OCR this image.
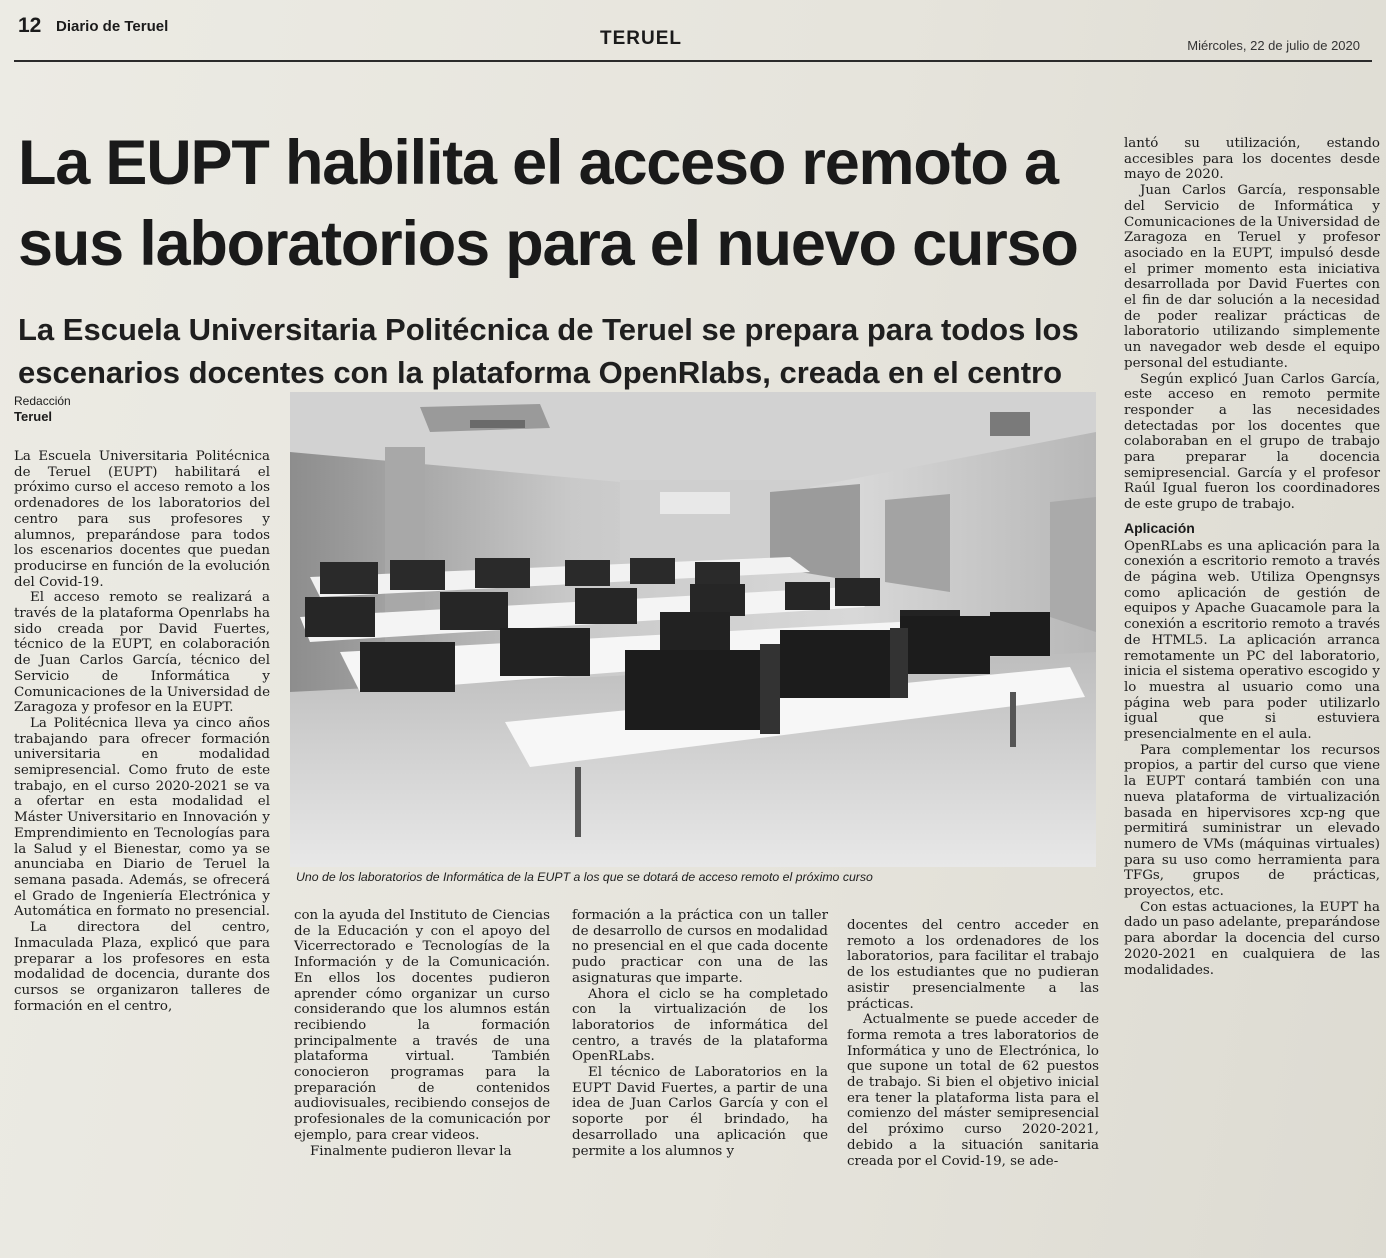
12 Diario de Teruel
TERUEL	Miércoles, 22 de julio de 2020
La EUPT habilita el acceso remoto a sus laboratorios para el nuevo curso
La Escuela Universitaria Politécnica de Teruel se prepara para todos los escenarios docentes con la plataforma OpenRlabs, creada en el centro
Redacción
Teruel

La Escuela Universitaria Politécnica de Teruel (EUPT) habilitará el próximo curso el acceso remoto a los ordenadores de los laboratorios del centro para sus profesores y alumnos, preparándose para todos los escenarios docentes que puedan producirse en función de la evolución del Covid-19.

El acceso remoto se realizará a través de la plataforma Openrlabs ha sido creada por David Fuertes, técnico de la EUPT, en colaboración de Juan Carlos García, técnico del Servicio de Informática y Comunicaciones de la Universidad de Zaragoza y profesor en la EUPT.

La Politécnica lleva ya cinco años trabajando para ofrecer formación universitaria en modalidad semipresencial. Como fruto de este trabajo, en el curso 2020-2021 se va a ofertar en esta modalidad el Máster Universitario en Innovación y Emprendimiento en Tecnologías para la Salud y el Bienestar, como ya se anunciaba en Diario de Teruel la semana pasada. Además, se ofrecerá el Grado de Ingeniería Electrónica y Automática en formato no presencial.

La directora del centro, Inmaculada Plaza, explicó que para preparar a los profesores en esta modalidad de docencia, durante dos cursos se organizaron talleres de formación en el centro,

Uno de los laboratorios de Informática de la EUPT a los que se dotará de acceso remoto el próximo curso

con la ayuda del Instituto de Ciencias de la Educación y con el apoyo del Vicerrectorado e Tecnologías de la Información y de la Comunicación. En ellos los docentes pudieron aprender cómo organizar un curso considerando que los alumnos están recibiendo la formación principalmente a través de una plataforma virtual. También conocieron programas para la preparación de contenidos audiovisuales, recibiendo consejos de profesionales de la comunicación por ejemplo, para crear videos.

Finalmente pudieron llevar la

formación a la práctica con un taller de desarrollo de cursos en modalidad no presencial en el que cada docente pudo practicar con una de las asignaturas que imparte.

Ahora el ciclo se ha completado con la virtualización de los laboratorios de informática del centro, a través de la plataforma OpenRLabs.

El técnico de Laboratorios en la EUPT David Fuertes, a partir de una idea de Juan Carlos García y con el soporte por él brindado, ha desarrollado una aplicación que permite a los alumnos y

docentes del centro acceder en remoto a los ordenadores de los laboratorios, para facilitar el trabajo de los estudiantes que no pudieran asistir presencialmente a las prácticas.

Actualmente se puede acceder de forma remota a tres laboratorios de Informática y uno de Electrónica, lo que supone un total de 62 puestos de trabajo. Si bien el objetivo inicial era tener la plataforma lista para el comienzo del máster semipresencial del próximo curso 2020-2021, debido a la situación sanitaria creada por el Covid-19, se ade-

lantó su utilización, estando accesibles para los docentes desde mayo de 2020.

Juan Carlos García, responsable del Servicio de Informática y Comunicaciones de la Universidad de Zaragoza en Teruel y profesor asociado en la EUPT, impulsó desde el primer momento esta iniciativa desarrollada por David Fuertes con el fin de dar solución a la necesidad de poder realizar prácticas de laboratorio utilizando simplemente un navegador web desde el equipo personal del estudiante.

Según explicó Juan Carlos García, este acceso en remoto permite responder a las necesidades detectadas por los docentes que colaboraban en el grupo de trabajo para preparar la docencia semipresencial. García y el profesor Raúl Igual fueron los coordinadores de este grupo de trabajo.

Aplicación

OpenRLabs es una aplicación para la conexión a escritorio remoto a través de página web. Utiliza Opengnsys como aplicación de gestión de equipos y Apache Guacamole para la conexión a escritorio remoto a través de HTML5. La aplicación arranca remotamente un PC del laboratorio, inicia el sistema operativo escogido y lo muestra al usuario como una página web para poder utilizarlo igual que si estuviera presencialmente en el aula.

Para complementar los recursos propios, a partir del curso que viene la EUPT contará también con una nueva plataforma de virtualización basada en hipervisores xcp-ng que permitirá suministrar un elevado numero de VMs (máquinas virtuales) para su uso como herramienta para TFGs, grupos de prácticas, proyectos, etc.

Con estas actuaciones, la EUPT ha dado un paso adelante, preparándose para abordar la docencia del curso 2020-2021 en cualquiera de las modalidades.
